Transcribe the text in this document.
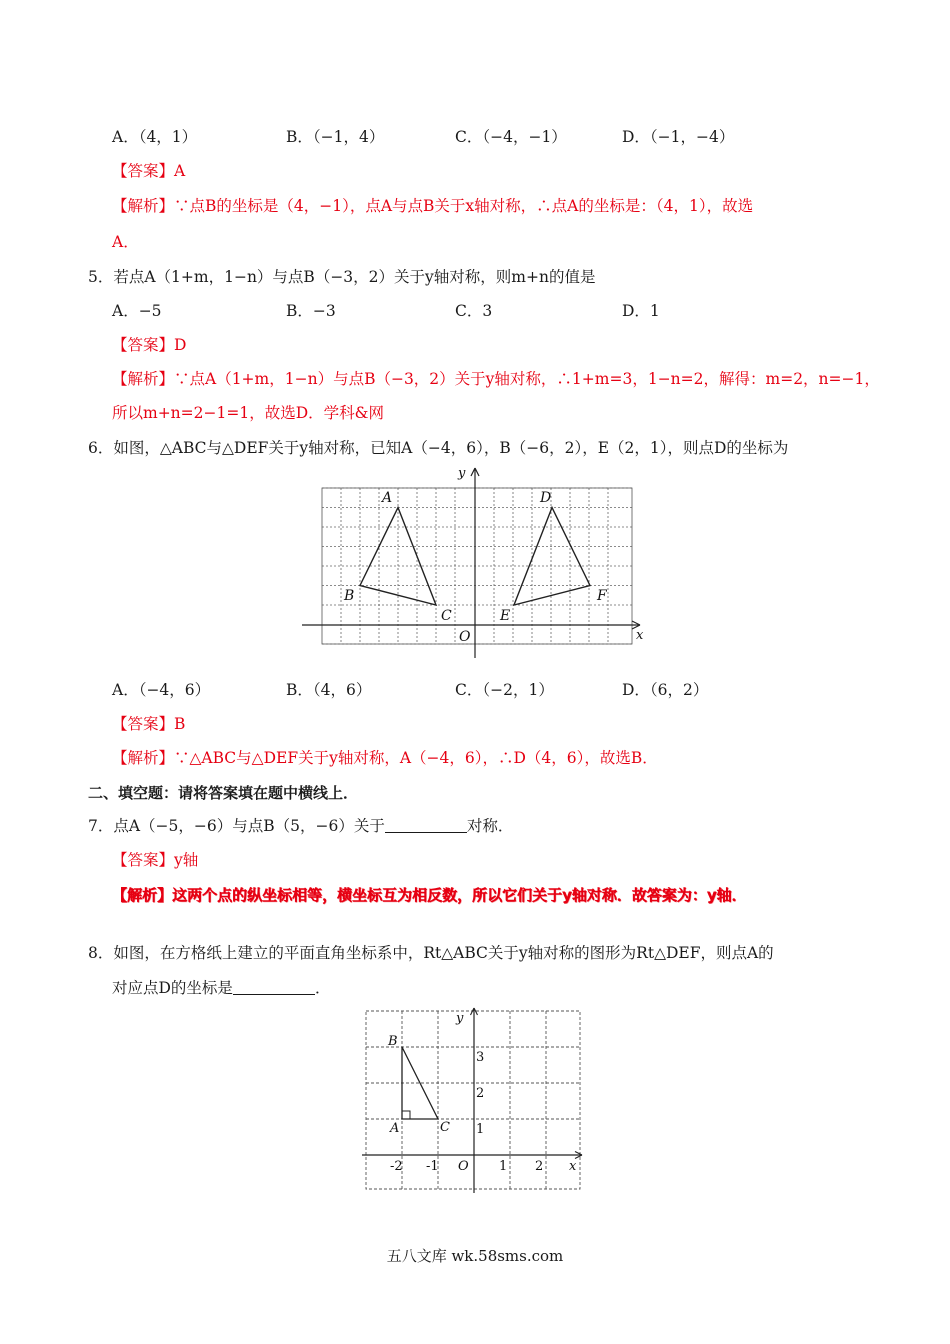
A．（4，1）	B．（−1，4）	C．（−4，−1）	D．（−1，−4）
【答案】A
【解析】∵点B的坐标是（4，−1），点A与点B关于x轴对称，∴点A的坐标是：（4，1），故选
A．
5．若点A（1+m，1−n）与点B（−3，2）关于y轴对称，则m+n的值是
A．−5	B．−3	C．3	D．1
【答案】D
【解析】∵点A（1+m，1−n）与点B（−3，2）关于y轴对称，∴1+m=3，1−n=2，解得：m=2，n=−1，
所以m+n=2−1=1，故选D．学科&网
6．如图，△ABC与△DEF关于y轴对称，已知A（−4，6），B（−6，2），E（2，1），则点D的坐标为
A
B
C
D
E
F
O	x
y
A．（−4，6）	B．（4，6）	C．（−2，1）	D．（6，2）
【答案】B
【解析】∵△ABC与△DEF关于y轴对称，A（−4，6），∴D（4，6），故选B．
二、填空题：请将答案填在题中横线上．
7．点A（−5，−6）与点B（5，−6）关于	对称．
【答案】y轴
【解析】这两个点的纵坐标相等，横坐标互为相反数，所以它们关于y轴对称．故答案为：y轴．
8．如图，在方格纸上建立的平面直角坐标系中，Rt△ABC关于y轴对称的图形为Rt△DEF，则点A的
对应点D的坐标是	．
B
A	C
O	x
y
-2 -1	1 2
1
2
3
五八文库 wk.58sms.com
